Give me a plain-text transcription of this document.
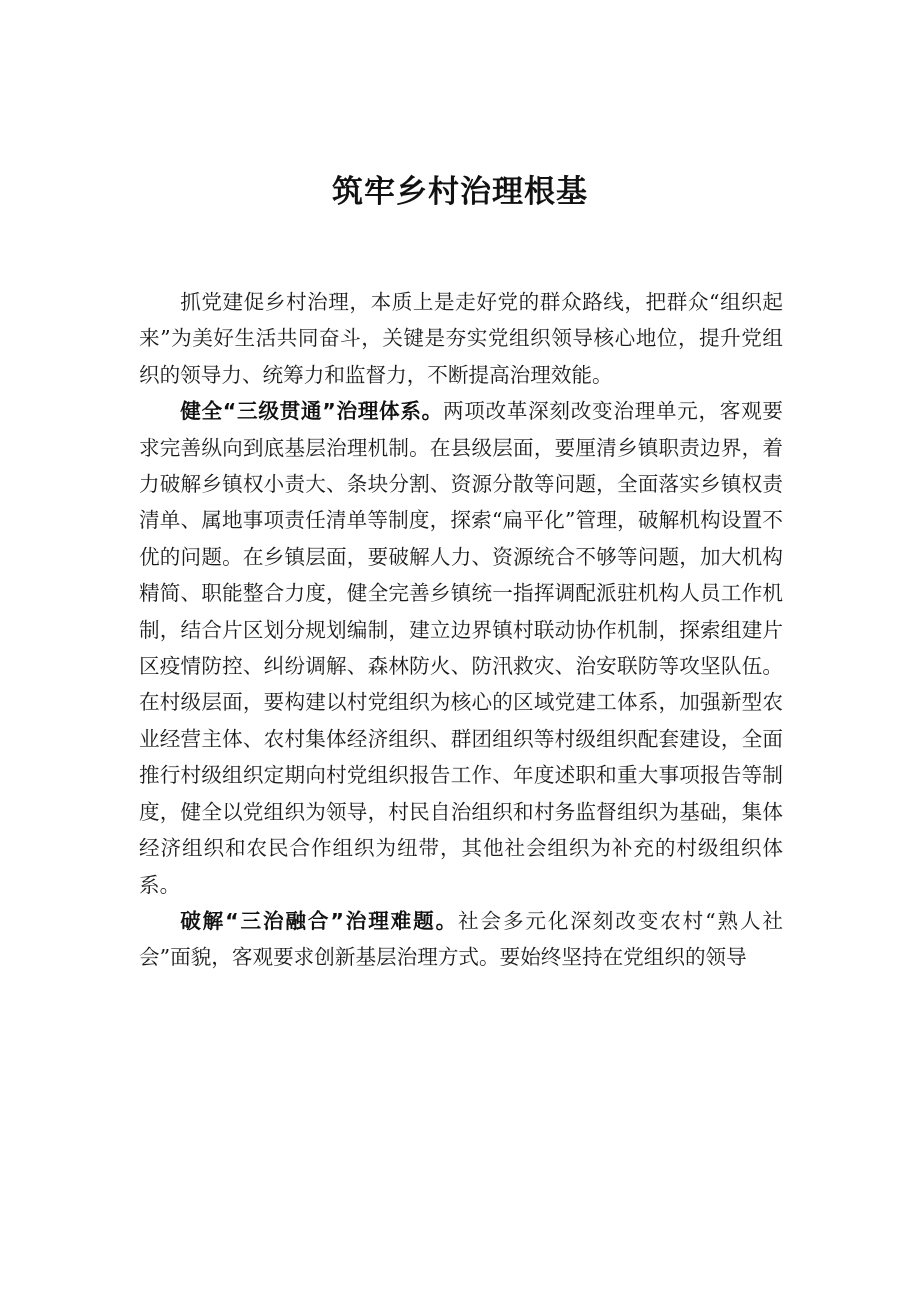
筑牢乡村治理根基

抓党建促乡村治理，本质上是走好党的群众路线，把群众“组织起来”为美好生活共同奋斗，关键是夯实党组织领导核心地位，提升党组织的领导力、统筹力和监督力，不断提高治理效能。

健全“三级贯通”治理体系。两项改革深刻改变治理单元，客观要求完善纵向到底基层治理机制。在县级层面，要厘清乡镇职责边界，着力破解乡镇权小责大、条块分割、资源分散等问题，全面落实乡镇权责清单、属地事项责任清单等制度，探索“扁平化”管理，破解机构设置不优的问题。在乡镇层面，要破解人力、资源统合不够等问题，加大机构精简、职能整合力度，健全完善乡镇统一指挥调配派驻机构人员工作机制，结合片区划分规划编制，建立边界镇村联动协作机制，探索组建片区疫情防控、纠纷调解、森林防火、防汛救灾、治安联防等攻坚队伍。在村级层面，要构建以村党组织为核心的区域党建工体系，加强新型农业经营主体、农村集体经济组织、群团组织等村级组织配套建设，全面推行村级组织定期向村党组织报告工作、年度述职和重大事项报告等制度，健全以党组织为领导，村民自治组织和村务监督组织为基础，集体经济组织和农民合作组织为纽带，其他社会组织为补充的村级组织体系。

破解“三治融合”治理难题。社会多元化深刻改变农村“熟人社会”面貌，客观要求创新基层治理方式。要始终坚持在党组织的领导
